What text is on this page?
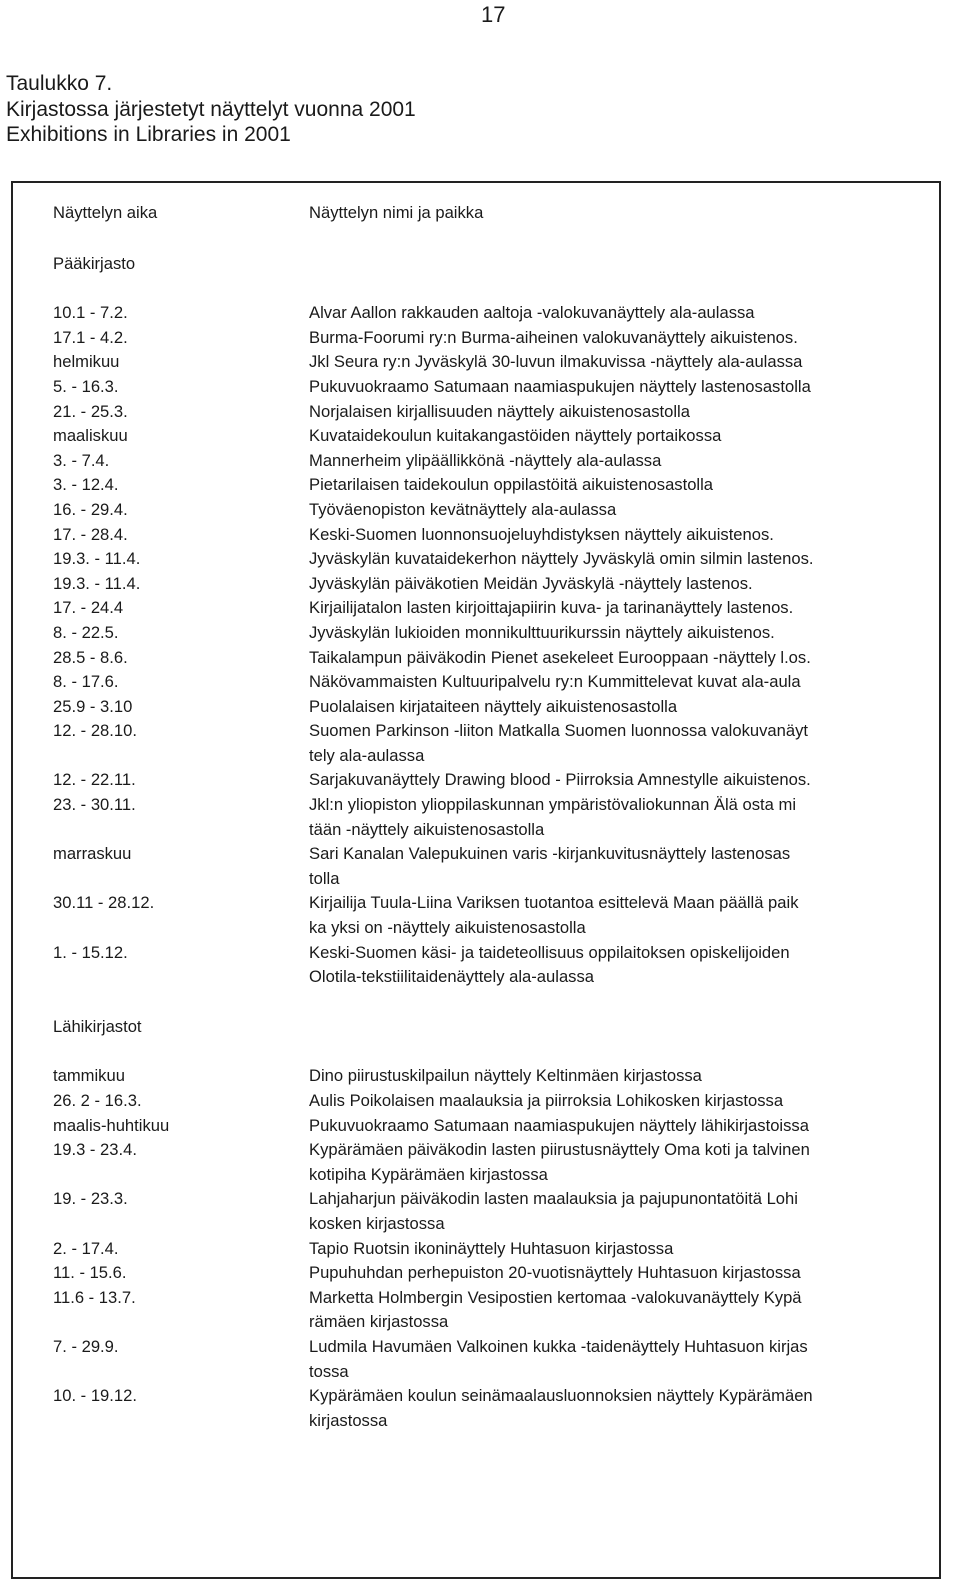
17
Taulukko 7.
Kirjastossa järjestetyt näyttelyt vuonna 2001
Exhibitions in Libraries in 2001
Näyttelyn aika	Näyttelyn nimi ja paikka
Pääkirjasto
10.1 - 7.2.	Alvar Aallon rakkauden aaltoja -valokuvanäyttely ala-aulassa
17.1 - 4.2.	Burma-Foorumi ry:n Burma-aiheinen valokuvanäyttely aikuistenos.
helmikuu	Jkl Seura ry:n Jyväskylä 30-luvun ilmakuvissa -näyttely ala-aulassa
5. - 16.3.	Pukuvuokraamo Satumaan naamiaspukujen näyttely lastenosastolla
21. - 25.3.	Norjalaisen kirjallisuuden näyttely aikuistenosastolla
maaliskuu	Kuvataidekoulun kuitakangastöiden näyttely portaikossa
3. - 7.4.	Mannerheim ylipäällikkönä -näyttely ala-aulassa
3. - 12.4.	Pietarilaisen taidekoulun oppilastöitä aikuistenosastolla
16. - 29.4.	Työväenopiston kevätnäyttely ala-aulassa
17. - 28.4.	Keski-Suomen luonnonsuojeluyhdistyksen näyttely aikuistenos.
19.3. - 11.4.	Jyväskylän kuvataidekerhon näyttely Jyväskylä omin silmin lastenos.
19.3. - 11.4.	Jyväskylän päiväkotien Meidän Jyväskylä -näyttely lastenos.
17. - 24.4	Kirjailijatalon lasten kirjoittajapiirin kuva- ja tarinanäyttely lastenos.
8. - 22.5.	Jyväskylän lukioiden monnikulttuurikurssin näyttely aikuistenos.
28.5 - 8.6.	Taikalampun päiväkodin Pienet asekeleet Eurooppaan -näyttely l.os.
8. - 17.6.	Näkövammaisten Kultuuripalvelu ry:n Kummittelevat kuvat ala-aula
25.9 - 3.10	Puolalaisen kirjataiteen näyttely aikuistenosastolla
12. - 28.10.	Suomen Parkinson -liiton Matkalla Suomen luonnossa valokuvanäyt
tely ala-aulassa
12. - 22.11.	Sarjakuvanäyttely Drawing blood - Piirroksia Amnestylle aikuistenos.
23. - 30.11.	Jkl:n yliopiston ylioppilaskunnan ympäristövaliokunnan Älä osta mi
tään -näyttely aikuistenosastolla
marraskuu	Sari Kanalan Valepukuinen varis -kirjankuvitusnäyttely lastenosas
tolla
30.11 - 28.12.	Kirjailija Tuula-Liina Variksen tuotantoa esittelevä Maan päällä paik
ka yksi on -näyttely aikuistenosastolla
1. - 15.12.	Keski-Suomen käsi- ja taideteollisuus oppilaitoksen opiskelijoiden
Olotila-tekstiilitaidenäyttely ala-aulassa
Lähikirjastot
tammikuu	Dino piirustuskilpailun näyttely Keltinmäen kirjastossa
26. 2 - 16.3.	Aulis Poikolaisen maalauksia ja piirroksia Lohikosken kirjastossa
maalis-huhtikuu	Pukuvuokraamo Satumaan naamiaspukujen näyttely lähikirjastoissa
19.3 - 23.4.	Kypärämäen päiväkodin lasten piirustusnäyttely Oma koti ja talvinen
kotipiha Kypärämäen kirjastossa
19. - 23.3.	Lahjaharjun päiväkodin lasten maalauksia ja pajupunontatöitä Lohi
kosken kirjastossa
2. - 17.4.	Tapio Ruotsin ikoninäyttely Huhtasuon kirjastossa
11. - 15.6.	Pupuhuhdan perhepuiston 20-vuotisnäyttely Huhtasuon kirjastossa
11.6 - 13.7.	Marketta Holmbergin Vesipostien kertomaa -valokuvanäyttely Kypä
rämäen kirjastossa
7. - 29.9.	Ludmila Havumäen Valkoinen kukka -taidenäyttely Huhtasuon kirjas
tossa
10. - 19.12.	Kypärämäen koulun seinämaalausluonnoksien näyttely Kypärämäen
kirjastossa
